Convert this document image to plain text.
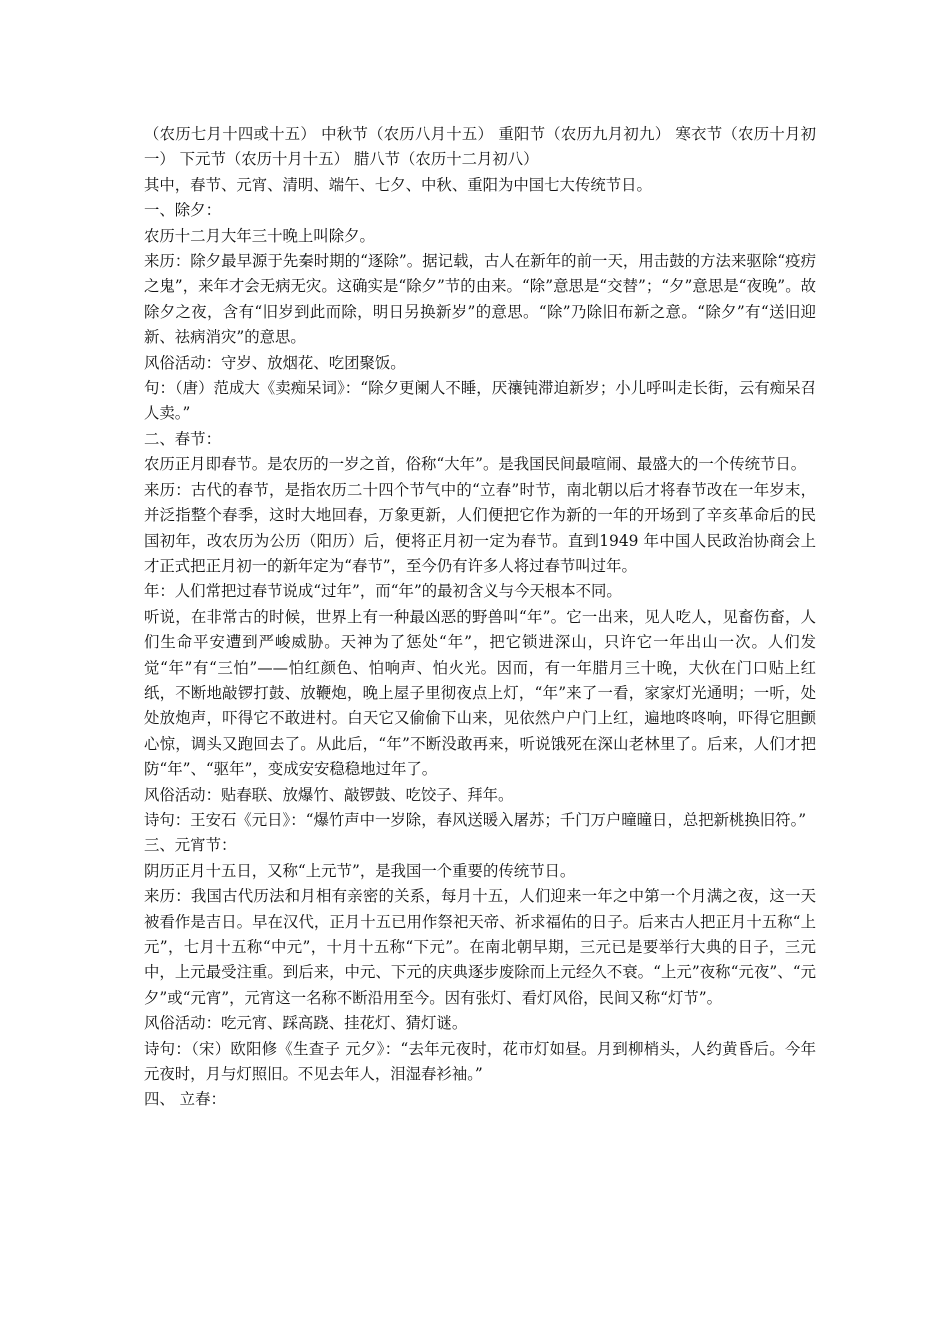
（农历七月十四或十五） 中秋节（农历八月十五） 重阳节（农历九月初九） 寒衣节（农历十月初一） 下元节（农历十月十五） 腊八节（农历十二月初八）

其中，春节、元宵、清明、端午、七夕、中秋、重阳为中国七大传统节日。

一、除夕：

农历十二月大年三十晚上叫除夕。

来历：除夕最早源于先秦时期的“逐除”。据记载，古人在新年的前一天，用击鼓的方法来驱除“疫疠之鬼”，来年才会无病无灾。这确实是“除夕”节的由来。“除”意思是“交替”；“夕”意思是“夜晚”。故除夕之夜，含有“旧岁到此而除，明日另换新岁”的意思。“除”乃除旧布新之意。“除夕”有“送旧迎新、祛病消灾”的意思。

风俗活动：守岁、放烟花、吃团聚饭。

句：（唐）范成大《卖痴呆词》：“除夕更阑人不睡，厌禳钝滞迫新岁；小儿呼叫走长街，云有痴呆召人卖。”

二、春节：

农历正月即春节。是农历的一岁之首，俗称“大年”。是我国民间最喧闹、最盛大的一个传统节日。

来历：古代的春节，是指农历二十四个节气中的“立春”时节，南北朝以后才将春节改在一年岁末，并泛指整个春季，这时大地回春，万象更新，人们便把它作为新的一年的开场到了辛亥革命后的民国初年，改农历为公历（阳历）后，便将正月初一定为春节。直到1949 年中国人民政治协商会上才正式把正月初一的新年定为“春节”，至今仍有许多人将过春节叫过年。

年：人们常把过春节说成“过年”，而“年”的最初含义与今天根本不同。

听说，在非常古的时候，世界上有一种最凶恶的野兽叫“年”。它一出来，见人吃人，见畜伤畜，人们生命平安遭到严峻威胁。天神为了惩处“年”，把它锁进深山，只许它一年出山一次。人们发觉“年”有“三怕”——怕红颜色、怕响声、怕火光。因而，有一年腊月三十晚，大伙在门口贴上红纸，不断地敲锣打鼓、放鞭炮，晚上屋子里彻夜点上灯，“年”来了一看，家家灯光通明；一听，处处放炮声，吓得它不敢进村。白天它又偷偷下山来，见依然户户门上红，遍地咚咚响，吓得它胆颤心惊，调头又跑回去了。从此后，“年”不断没敢再来，听说饿死在深山老林里了。后来，人们才把防“年”、“驱年”，变成安安稳稳地过年了。

风俗活动：贴春联、放爆竹、敲锣鼓、吃饺子、拜年。

诗句：王安石《元日》：“爆竹声中一岁除，春风送暖入屠苏；千门万户曈曈日，总把新桃换旧符。”

三、元宵节：

阴历正月十五日，又称“上元节”，是我国一个重要的传统节日。

来历：我国古代历法和月相有亲密的关系，每月十五，人们迎来一年之中第一个月满之夜，这一天被看作是吉日。早在汉代，正月十五已用作祭祀天帝、祈求福佑的日子。后来古人把正月十五称“上元”，七月十五称“中元”，十月十五称“下元”。在南北朝早期，三元已是要举行大典的日子，三元中，上元最受注重。到后来，中元、下元的庆典逐步废除而上元经久不衰。“上元”夜称“元夜”、“元夕”或“元宵”，元宵这一名称不断沿用至今。因有张灯、看灯风俗，民间又称“灯节”。

风俗活动：吃元宵、踩高跷、挂花灯、猜灯谜。

诗句：（宋）欧阳修《生查子 元夕》：“去年元夜时，花市灯如昼。月到柳梢头，人约黄昏后。今年元夜时，月与灯照旧。不见去年人，泪湿春衫袖。”

四、 立春：
